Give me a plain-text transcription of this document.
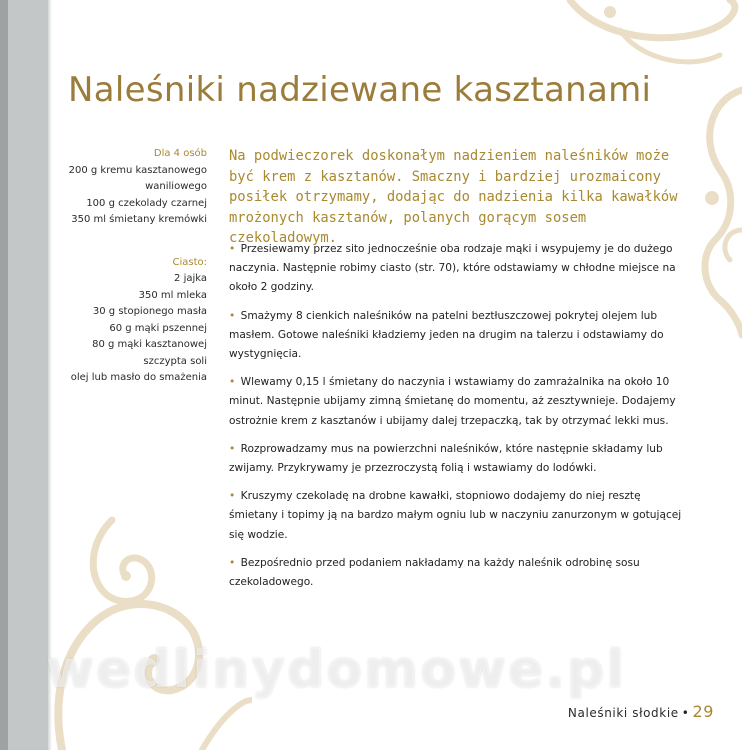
Naleśniki nadziewane kasztanami
Dla 4 osób
200 g kremu kasztanowego
waniliowego
100 g czekolady czarnej
350 ml śmietany kremówki
Ciasto:
2 jajka
350 ml mleka
30 g stopionego masła
60 g mąki pszennej
80 g mąki kasztanowej
szczypta soli
olej lub masło do smażenia

Na podwieczorek doskonałym nadzieniem naleśników może być krem z kasztanów. Smaczny i bardziej urozmaicony posiłek otrzymamy, dodając do nadzienia kilka kawałków mrożonych kasztanów, polanych gorącym sosem czekoladowym.

• Przesiewamy przez sito jednocześnie oba rodzaje mąki i wsypujemy je do dużego naczynia. Następnie robimy ciasto (str. 70), które odstawiamy w chłodne miejsce na około 2 godziny.

• Smażymy 8 cienkich naleśników na patelni beztłuszczowej pokrytej olejem lub masłem. Gotowe naleśniki kładziemy jeden na drugim na talerzu i odstawiamy do wystygnięcia.

• Wlewamy 0,15 l śmietany do naczynia i wstawiamy do zamrażalnika na około 10 minut. Następnie ubijamy zimną śmietanę do momentu, aż zesztywnieje. Dodajemy ostrożnie krem z kasztanów i ubijamy dalej trzepaczką, tak by otrzymać lekki mus.

• Rozprowadzamy mus na powierzchni naleśników, które następnie składamy lub zwijamy. Przykrywamy je przezroczystą folią i wstawiamy do lodówki.

• Kruszymy czekoladę na drobne kawałki, stopniowo dodajemy do niej resztę śmietany i topimy ją na bardzo małym ogniu lub w naczyniu zanurzonym w gotującej się wodzie.

• Bezpośrednio przed podaniem nakładamy na każdy naleśnik odrobinę sosu czekoladowego.

wedlinydomowe.pl
Naleśniki słodkie • 29
